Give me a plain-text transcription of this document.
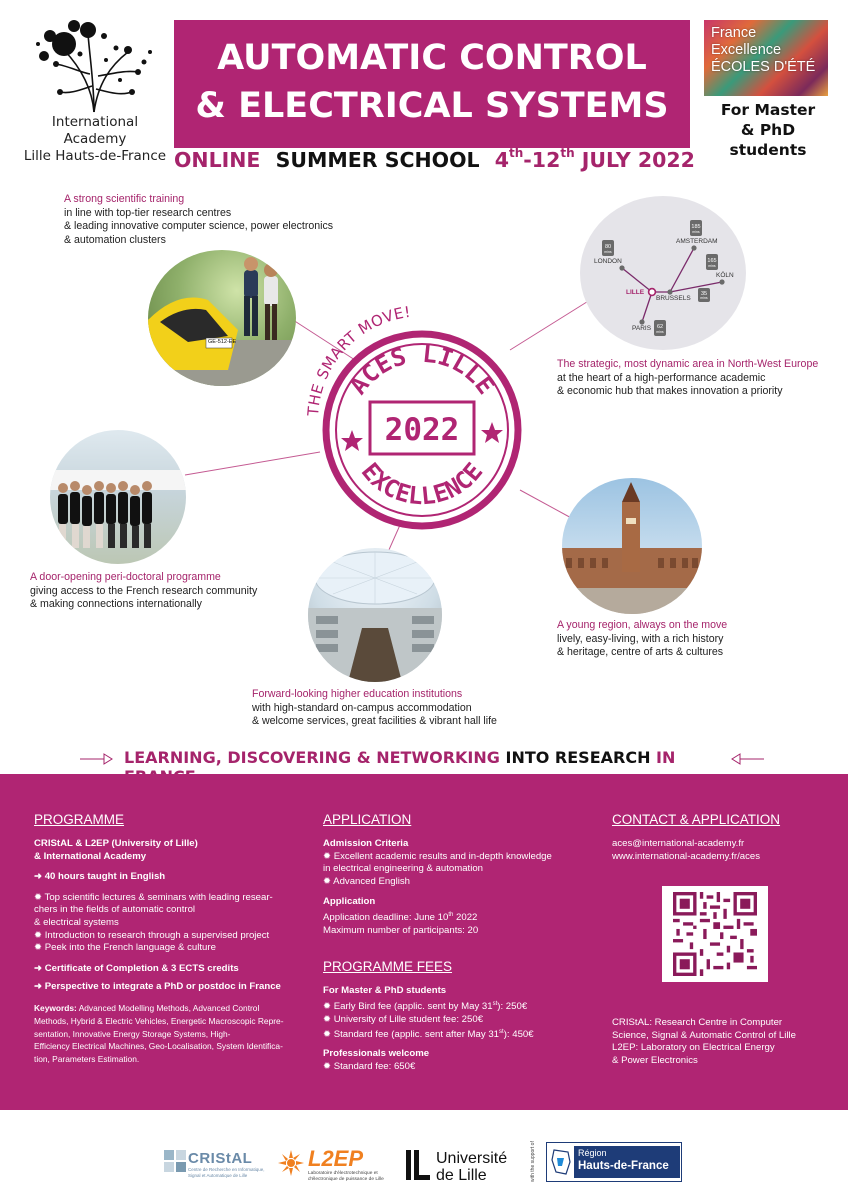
International Academy
Lille Hauts-de-France
AUTOMATIC CONTROL
& ELECTRICAL SYSTEMS
France
Excellence
ÉCOLES D'ÉTÉ
For Master
& PhD students
ONLINE SUMMER SCHOOL 4th-12th JULY 2022
A strong scientific training
in line with top-tier research centres
& leading innovative computer science, power electronics
& automation clusters
GE-512-EE
80
185
165
35
62
mins
mins
mins
mins
mins
LONDON
AMSTERDAM
KÖLN
BRUSSELS
PARIS
LILLE
The strategic, most dynamic area in North-West Europe
at the heart of a high-performance academic
& economic hub that makes innovation a priority
THE SMART MOVE!
ACES LILLE
EXCELLENCE
2022
A door-opening peri-doctoral programme
giving access to the French research community
& making connections internationally
Forward-looking higher education institutions
with high-standard on-campus accommodation
& welcome services, great facilities & vibrant hall life
A young region, always on the move
lively, easy-living, with a rich history
& heritage, centre of arts & cultures
LEARNING, DISCOVERING & NETWORKING INTO RESEARCH IN
PROGRAMME
CRIStAL & L2EP (University of Lille)
& International Academy
➜ 40 hours taught in English
✹ Top scientific lectures & seminars with leading resear-
chers in the fields of automatic control
& electrical systems
✹ Introduction to research through a supervised project
✹ Peek into the French language & culture
➜ Certificate of Completion & 3 ECTS credits
➜ Perspective to integrate a PhD or postdoc in France
Keywords: Advanced Modelling Methods, Advanced Control
Methods, Hybrid & Electric Vehicles, Energetic Macroscopic Repre-
sentation, Innovative Energy Storage Systems, High-
Efficiency Electrical Machines, Geo-Localisation, System Identifica-
tion, Parameters Estimation.
APPLICATION
Admission Criteria
✹ Excellent academic results and in-depth knowledge
in electrical engineering & automation
✹ Advanced English
Application
Application deadline: June 10th 2022
Maximum number of participants: 20
PROGRAMME FEES
For Master & PhD students
✹ Early Bird fee (applic. sent by May 31st): 250€
✹ University of Lille student fee: 250€
✹ Standard fee (applic. sent after May 31st): 450€
Professionals welcome
✹ Standard fee: 650€
CONTACT & APPLICATION
aces@international-academy.fr
www.international-academy.fr/aces
CRIStAL: Research Centre in Computer
Science, Signal & Automatic Control of Lille
L2EP: Laboratory on Electrical Energy
& Power Electronics
CRIStAL
Centre de Recherche en Informatique,
Signal et Automatique de Lille
L2EP
Laboratoire d'électrotechnique et
d'électronique de puissance de Lille
Université
de Lille	with the support of	Région
Hauts-de-France
